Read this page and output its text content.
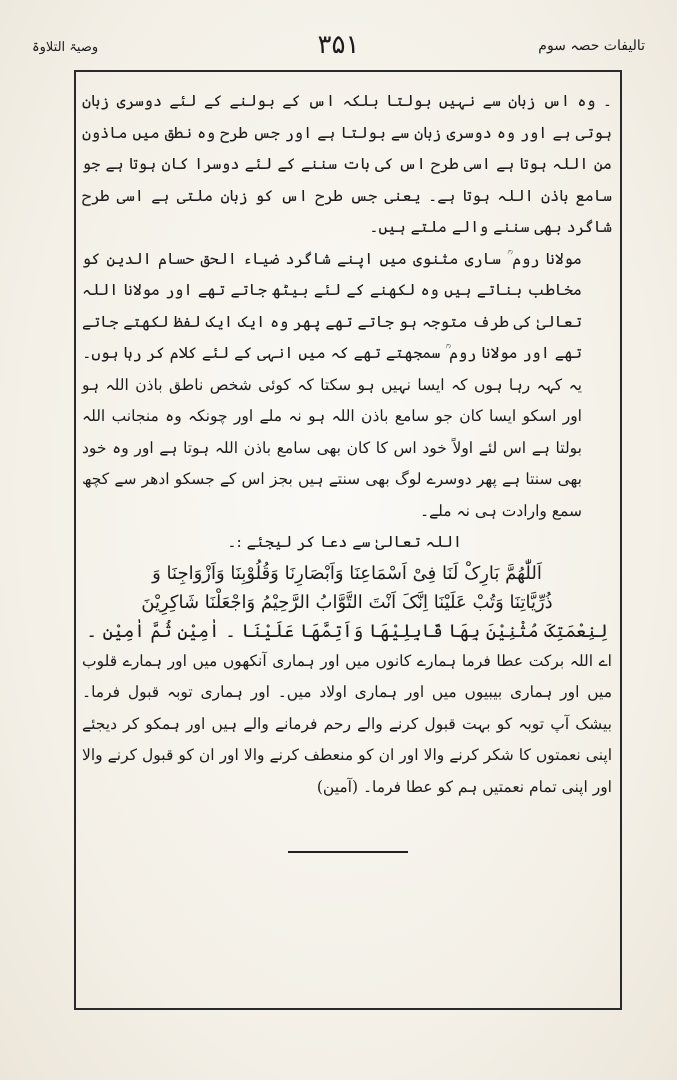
وصیۃ التلاوۃ	۳۵۱	تالیفات حصہ سوم

۔ وہ اس زبان سے نہیں بولتا بلکہ اس کے بولنے کے لئے دوسری زبان ہوتی ہے اور وہ دوسری زبان سے بولتا ہے اور جس طرح وہ نطق میں ماذون من اللہ ہوتا ہے اسی طرح اس کی بات سننے کے لئے دوسرا کان ہوتا ہے جو سامع باذن اللہ ہوتا ہے۔ یعنی جس طرح اس کو زبان ملتی ہے اسی طرح شاگرد بھی سننے والے ملتے ہیں۔

مولانا روم ؒ ساری مثنوی میں اپنے شاگرد ضیاء الحق حسام الدین کو مخاطب بناتے ہیں وہ لکھنے کے لئے بیٹھ جاتے تھے اور مولانا اللہ تعالیٰ کی طرف متوجہ ہو جاتے تھے پھر وہ ایک ایک لفظ لکھتے جاتے تھے اور مولانا روم ؒ سمجھتے تھے کہ میں انہی کے لئے کلام کر رہا ہوں۔

یہ کہہ رہا ہوں کہ ایسا نہیں ہو سکتا کہ کوئی شخص ناطق باذن اللہ ہو اور اسکو ایسا کان جو سامع باذن اللہ ہو نہ ملے اور چونکہ وہ منجانب اللہ بولتا ہے اس لئے اولاً خود اس کا کان بھی سامع باذن اللہ ہوتا ہے اور وہ خود بھی سنتا ہے پھر دوسرے لوگ بھی سنتے ہیں بجز اس کے جسکو ادھر سے کچھ سمع وارادت ہی نہ ملے۔

اللہ تعالیٰ سے دعا کر لیجئے :۔

اَللّٰھُمَّ بَارِکْ لَنَا فِیْ اَسْمَاعِنَا وَاَبْصَارِنَا وَقُلُوْبِنَا وَاَزْوَاجِنَا وَ

ذُرِّیَّاتِنَا وَتُبْ عَلَیْنَا اِنَّکَ اَنْتَ التَّوَّابُ الرَّحِیْمُ وَاجْعَلْنَا شَاکِرِیْنَ

لِنِعْمَتِکَ مُثْنِیْنَ بِھَا قَابِلِیْھَا وَاَتِمَّھَا عَلَیْنَا ۔ اٰمِیْن ثُمَّ اٰمِیْن ۔

اے اللہ برکت عطا فرما ہمارے کانوں میں اور ہماری آنکھوں میں اور ہمارے قلوب میں اور ہماری بیبیوں میں اور ہماری اولاد میں۔ اور ہماری توبہ قبول فرما۔ بیشک آپ توبہ کو بہت قبول کرنے والے رحم فرمانے والے ہیں اور ہمکو کر دیجئے اپنی نعمتوں کا شکر کرنے والا اور ان کو منعطف کرنے والا اور ان کو قبول کرنے والا اور اپنی تمام نعمتیں ہم کو عطا فرما۔ (آمین)
